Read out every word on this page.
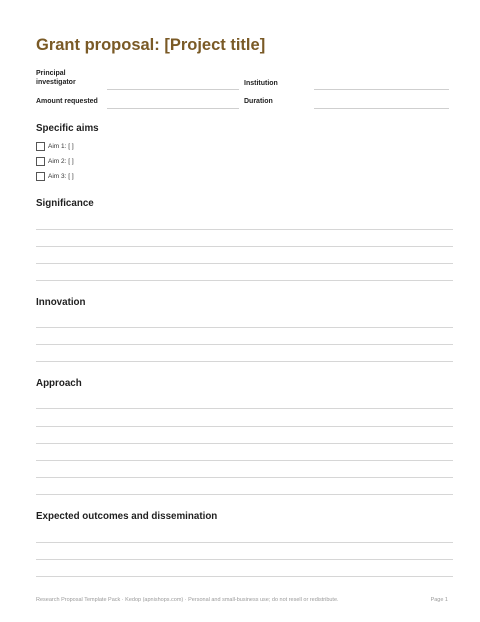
Grant proposal: [Project title]
Principal
investigator	Institution
Amount requested	Duration
Specific aims
Aim 1: [ ]
Aim 2: [ ]
Aim 3: [ ]
Significance
Innovation
Approach
Expected outcomes and dissemination
Research Proposal Template Pack · Kedop (apnishops.com) · Personal and small-business use; do not resell or redistribute.	Page 1
